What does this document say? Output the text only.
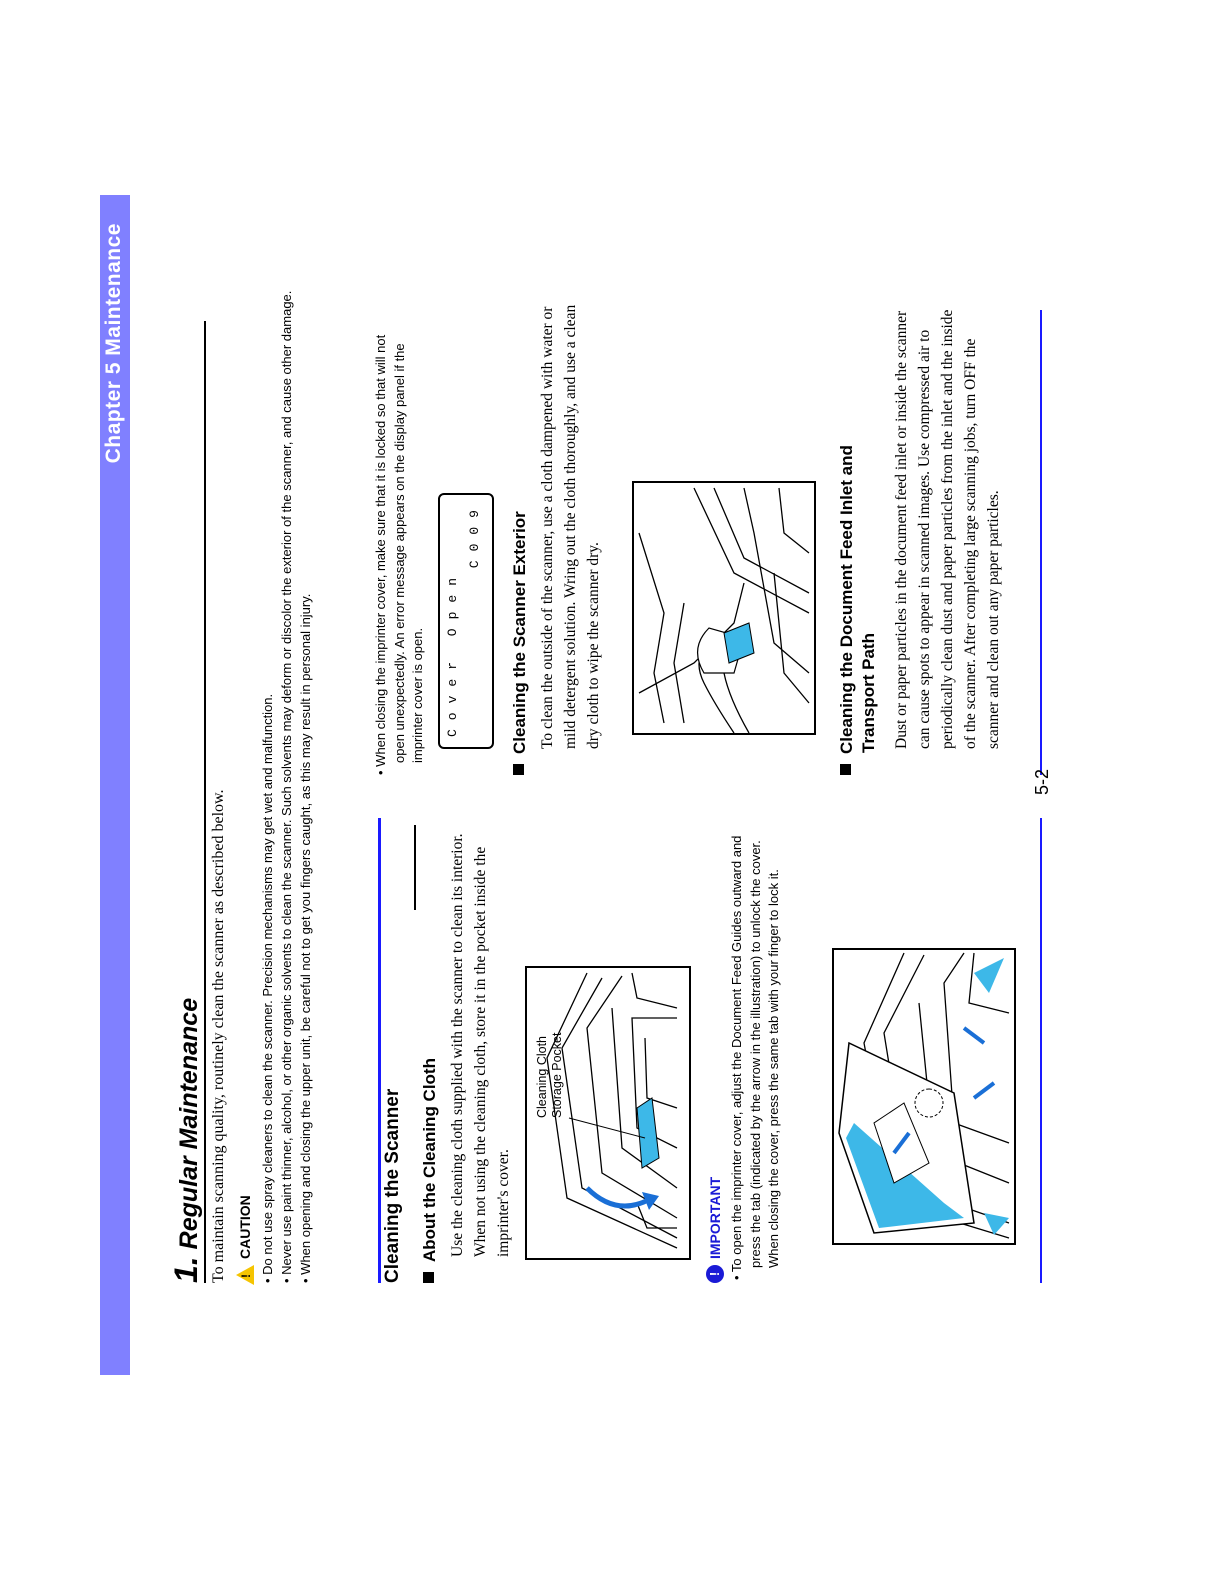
Chapter 5 Maintenance
1. Regular Maintenance To maintain scanning quality, routinely clean the scanner as described below.
! CAUTION • Do not use spray cleaners to clean the scanner. Precision mechanisms may get wet and malfunction. • Never use paint thinner, alcohol, or other organic solvents to clean the scanner. Such solvents may deform or discolor the exterior of the scanner, and cause other damage. • When opening and closing the upper unit, be careful not to get you fingers caught, as this may result in personal injury.	Cleaning the Scanner About the Cleaning Cloth Use the cleaning cloth supplied with the scanner to clean its interior. When not using the cleaning cloth, store it in the pocket inside the imprinter's cover.
Cleaning Cloth Storage Pocket
!
IMPORTANT • To open the imprinter cover, adjust the Document Feed Guides outward and press the tab (indicated by the arrow in the illustration) to unlock the cover. When closing the cover, press the same tab with your finger to lock it.
• When closing the imprinter cover, make sure that it is locked so that will not open unexpectedly. An error message appears on the display panel if the imprinter cover is open. Cover Open
C009 Cleaning the Scanner Exterior To clean the outside of the scanner, use a cloth dampened with water or mild detergent solution. Wring out the cloth thoroughly, and use a clean dry cloth to wipe the scanner dry.	Cleaning the Document Feed Inlet and Transport Path Dust or paper particles in the document feed inlet or inside the scanner can cause spots to appear in scanned images. Use compressed air to periodically clean dust and paper particles from the inlet and the inside of the scanner. After completing large scanning jobs, turn OFF the scanner and clean out any paper particles.
5-2
